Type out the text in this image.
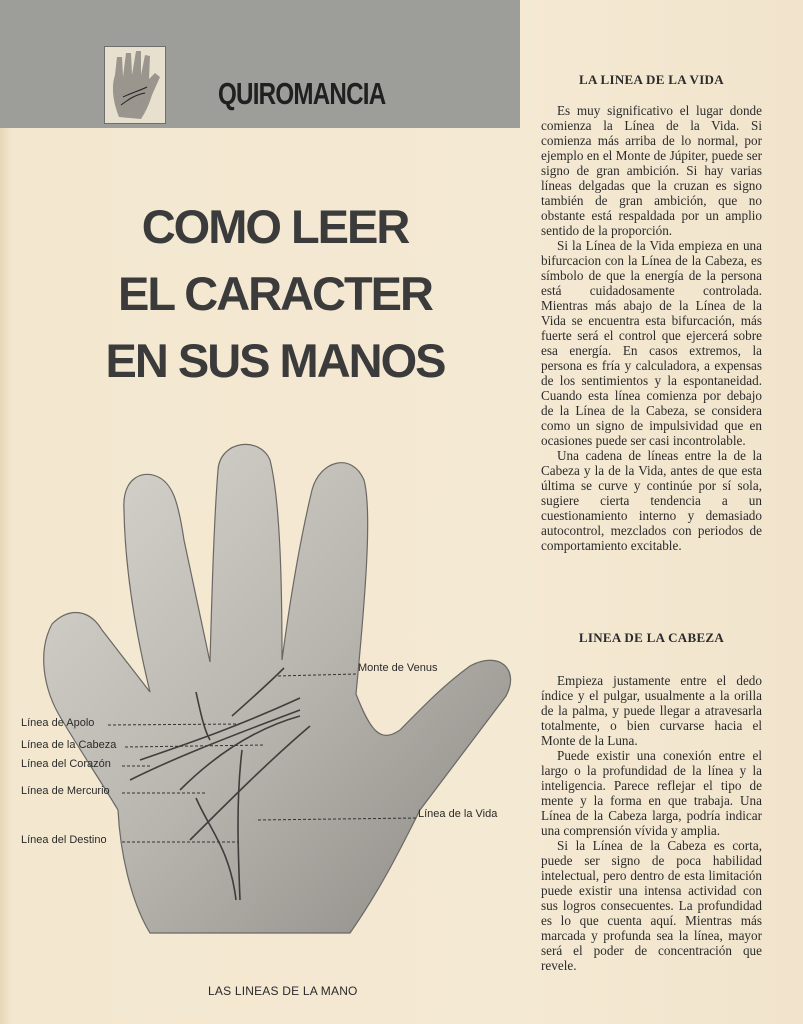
QUIROMANCIA
COMO LEER
EL CARACTER
EN SUS MANOS
Línea de Apolo
Línea de la Cabeza
Línea del Corazón
Línea de Mercurio
Línea del Destino
Monte de Venus
Línea de la Vida
LAS LINEAS DE LA MANO
LA LINEA DE LA VIDA

Es muy significativo el lugar donde comienza la Línea de la Vida. Si comienza más arriba de lo normal, por ejemplo en el Monte de Júpiter, puede ser signo de gran ambición. Si hay varias líneas delgadas que la cruzan es signo también de gran ambición, que no obstante está respaldada por un amplio sentido de la proporción.

Si la Línea de la Vida empieza en una bifurcacion con la Línea de la Cabeza, es símbolo de que la energía de la persona está cuidadosamente controlada. Mientras más abajo de la Línea de la Vida se encuentra esta bifurcación, más fuerte será el control que ejercerá sobre esa energía. En casos extremos, la persona es fría y calculadora, a expensas de los sentimientos y la espontaneidad. Cuando esta línea comienza por debajo de la Línea de la Cabeza, se considera como un signo de impulsividad que en ocasiones puede ser casi incontrolable.

Una cadena de líneas entre la de la Cabeza y la de la Vida, antes de que esta última se curve y continúe por sí sola, sugiere cierta tendencia a un cuestionamiento interno y demasiado autocontrol, mezclados con periodos de comportamiento excitable.

LINEA DE LA CABEZA

Empieza justamente entre el dedo índice y el pulgar, usualmente a la orilla de la palma, y puede llegar a atravesarla totalmente, o bien curvarse hacia el Monte de la Luna.

Puede existir una conexión entre el largo o la profundidad de la línea y la inteligencia. Parece reflejar el tipo de mente y la forma en que trabaja. Una Línea de la Cabeza larga, podría indicar una comprensión vívida y amplia.

Si la Línea de la Cabeza es corta, puede ser signo de poca habilidad intelectual, pero dentro de esta limitación puede existir una intensa actividad con sus logros consecuentes. La profundidad es lo que cuenta aquí. Mientras más marcada y profunda sea la línea, mayor será el poder de concentración que revele.
